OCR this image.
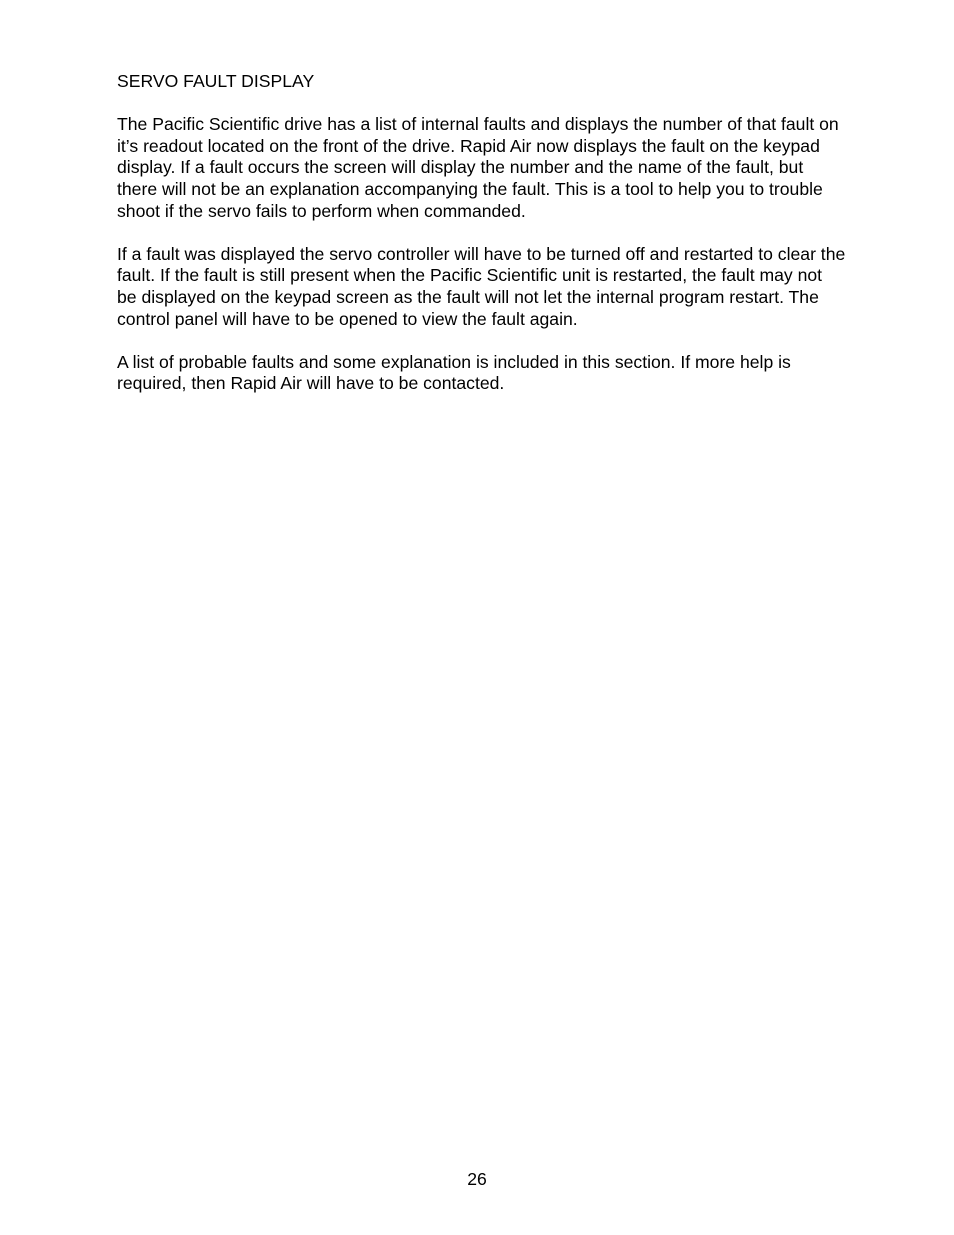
SERVO FAULT DISPLAY

The Pacific Scientific drive has a list of internal faults and displays the number of that fault on
it’s readout located on the front of the drive. Rapid Air now displays the fault on the keypad
display. If a fault occurs the screen will display the number and the name of the fault, but
there will not be an explanation accompanying the fault. This is a tool to help you to trouble
shoot if the servo fails to perform when commanded.

If a fault was displayed the servo controller will have to be turned off and restarted to clear the
fault. If the fault is still present when the Pacific Scientific unit is restarted, the fault may not
be displayed on the keypad screen as the fault will not let the internal program restart. The
control panel will have to be opened to view the fault again.

A list of probable faults and some explanation is included in this section. If more help is
required, then Rapid Air will have to be contacted.

26
